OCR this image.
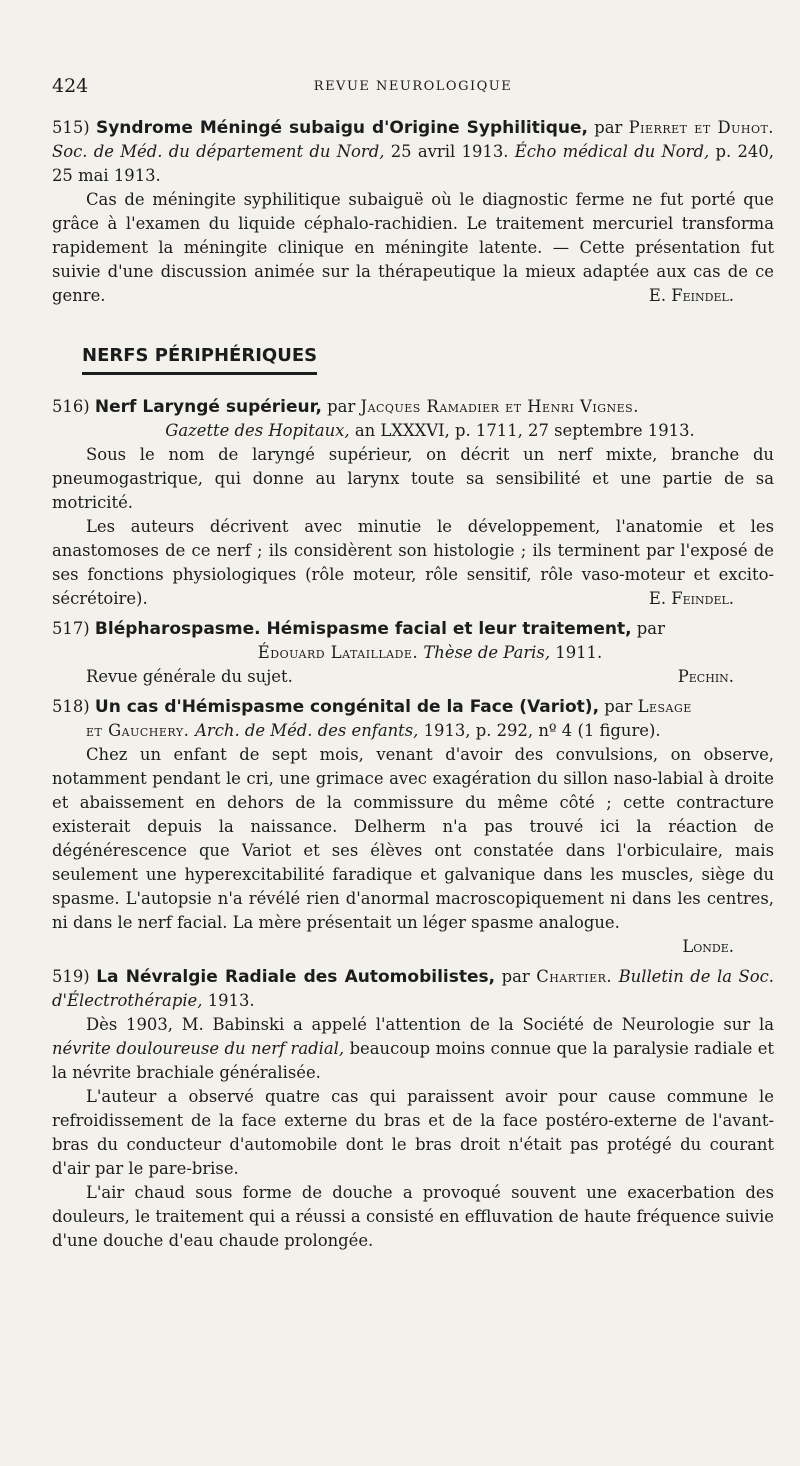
424	REVUE NEUROLOGIQUE
515) Syndrome Méningé subaigu d'Origine Syphilitique, par Pierret et Duhot. Soc. de Méd. du département du Nord, 25 avril 1913. Écho médical du Nord, p. 240, 25 mai 1913.

Cas de méningite syphilitique subaiguë où le diagnostic ferme ne fut porté que grâce à l'examen du liquide céphalo-rachidien. Le traitement mercuriel transforma rapidement la méningite clinique en méningite latente. — Cette présentation fut suivie d'une discussion animée sur la thérapeutique la mieux adaptée aux cas de ce genre.	E. Feindel.

NERFS PÉRIPHÉRIQUES
516) Nerf Laryngé supérieur, par Jacques Ramadier et Henri Vignes.
Gazette des Hopitaux, an LXXXVI, p. 1711, 27 septembre 1913.

Sous le nom de laryngé supérieur, on décrit un nerf mixte, branche du pneumogastrique, qui donne au larynx toute sa sensibilité et une partie de sa motricité.

Les auteurs décrivent avec minutie le développement, l'anatomie et les anastomoses de ce nerf ; ils considèrent son histologie ; ils terminent par l'exposé de ses fonctions physiologiques (rôle moteur, rôle sensitif, rôle vaso-moteur et excito-sécrétoire).	E. Feindel.

517) Blépharospasme. Hémispasme facial et leur traitement, par
Édouard Lataillade. Thèse de Paris, 1911.

Revue générale du sujet.	Pechin.

518) Un cas d'Hémispasme congénital de la Face (Variot), par Lesage
et Gauchery. Arch. de Méd. des enfants, 1913, p. 292, nº 4 (1 figure).

Chez un enfant de sept mois, venant d'avoir des convulsions, on observe, notamment pendant le cri, une grimace avec exagération du sillon naso-labial à droite et abaissement en dehors de la commissure du même côté ; cette contracture existerait depuis la naissance. Delherm n'a pas trouvé ici la réaction de dégénérescence que Variot et ses élèves ont constatée dans l'orbiculaire, mais seulement une hyperexcitabilité faradique et galvanique dans les muscles, siège du spasme. L'autopsie n'a révélé rien d'anormal macroscopiquement ni dans les centres, ni dans le nerf facial. La mère présentait un léger spasme analogue.

Londe.
519) La Névralgie Radiale des Automobilistes, par Chartier. Bulletin de la Soc. d'Électrothérapie, 1913.

Dès 1903, M. Babinski a appelé l'attention de la Société de Neurologie sur la névrite douloureuse du nerf radial, beaucoup moins connue que la paralysie radiale et la névrite brachiale généralisée.

L'auteur a observé quatre cas qui paraissent avoir pour cause commune le refroidissement de la face externe du bras et de la face postéro-externe de l'avant-bras du conducteur d'automobile dont le bras droit n'était pas protégé du courant d'air par le pare-brise.

L'air chaud sous forme de douche a provoqué souvent une exacerbation des douleurs, le traitement qui a réussi a consisté en effluvation de haute fréquence suivie d'une douche d'eau chaude prolongée.
